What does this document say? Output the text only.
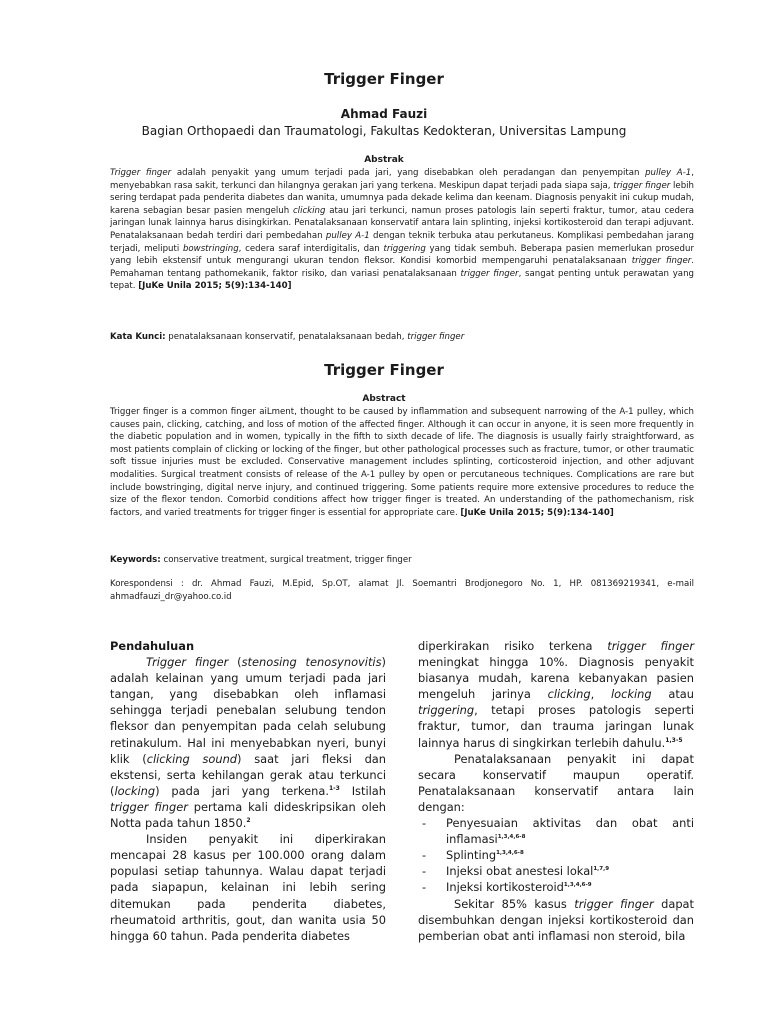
Trigger Finger
Ahmad Fauzi
Bagian Orthopaedi dan Traumatologi, Fakultas Kedokteran, Universitas Lampung
Abstrak
Trigger finger adalah penyakit yang umum terjadi pada jari, yang disebabkan oleh peradangan dan penyempitan pulley A-1, menyebabkan rasa sakit, terkunci dan hilangnya gerakan jari yang terkena. Meskipun dapat terjadi pada siapa saja, trigger finger lebih sering terdapat pada penderita diabetes dan wanita, umumnya pada dekade kelima dan keenam. Diagnosis penyakit ini cukup mudah, karena sebagian besar pasien mengeluh clicking atau jari terkunci, namun proses patologis lain seperti fraktur, tumor, atau cedera jaringan lunak lainnya harus disingkirkan. Penatalaksanaan konservatif antara lain splinting, injeksi kortikosteroid dan terapi adjuvant. Penatalaksanaan bedah terdiri dari pembedahan pulley A-1 dengan teknik terbuka atau perkutaneus. Komplikasi pembedahan jarang terjadi, meliputi bowstringing, cedera saraf interdigitalis, dan triggering yang tidak sembuh. Beberapa pasien memerlukan prosedur yang lebih ekstensif untuk mengurangi ukuran tendon fleksor. Kondisi komorbid mempengaruhi penatalaksanaan trigger finger. Pemahaman tentang pathomekanik, faktor risiko, dan variasi penatalaksanaan trigger finger, sangat penting untuk perawatan yang tepat. [JuKe Unila 2015; 5(9):134-140]
Kata Kunci: penatalaksanaan konservatif, penatalaksanaan bedah, trigger finger
Trigger Finger
Abstract
Trigger finger is a common finger aiLment, thought to be caused by inflammation and subsequent narrowing of the A-1 pulley, which causes pain, clicking, catching, and loss of motion of the affected finger. Although it can occur in anyone, it is seen more frequently in the diabetic population and in women, typically in the fifth to sixth decade of life. The diagnosis is usually fairly straightforward, as most patients complain of clicking or locking of the finger, but other pathological processes such as fracture, tumor, or other traumatic soft tissue injuries must be excluded. Conservative management includes splinting, corticosteroid injection, and other adjuvant modalities. Surgical treatment consists of release of the A-1 pulley by open or percutaneous techniques. Complications are rare but include bowstringing, digital nerve injury, and continued triggering. Some patients require more extensive procedures to reduce the size of the flexor tendon. Comorbid conditions affect how trigger finger is treated. An understanding of the pathomechanism, risk factors, and varied treatments for trigger finger is essential for appropriate care. [JuKe Unila 2015; 5(9):134-140]
Keywords: conservative treatment, surgical treatment, trigger finger
Korespondensi : dr. Ahmad Fauzi, M.Epid, Sp.OT, alamat Jl. Soemantri Brodjonegoro No. 1, HP. 081369219341, e-mail ahmadfauzi_dr@yahoo.co.id

Pendahuluan

Trigger finger (stenosing tenosynovitis) adalah kelainan yang umum terjadi pada jari tangan, yang disebabkan oleh inflamasi sehingga terjadi penebalan selubung tendon fleksor dan penyempitan pada celah selubung retinakulum. Hal ini menyebabkan nyeri, bunyi klik (clicking sound) saat jari fleksi dan ekstensi, serta kehilangan gerak atau terkunci (locking) pada jari yang terkena.$^{1-3}$ Istilah trigger finger pertama kali dideskripsikan oleh Notta pada tahun 1850.$^2$

Insiden penyakit ini diperkirakan mencapai 28 kasus per 100.000 orang dalam populasi setiap tahunnya. Walau dapat terjadi pada siapapun, kelainan ini lebih sering ditemukan pada penderita diabetes, rheumatoid arthritis, gout, dan wanita usia 50 hingga 60 tahun. Pada penderita diabetes

diperkirakan risiko terkena trigger finger meningkat hingga 10%. Diagnosis penyakit biasanya mudah, karena kebanyakan pasien mengeluh jarinya clicking, locking atau triggering, tetapi proses patologis seperti fraktur, tumor, dan trauma jaringan lunak lainnya harus di singkirkan terlebih dahulu.$^{1,3-5}$

Penatalaksanaan penyakit ini dapat secara konservatif maupun operatif. Penatalaksanaan konservatif antara lain dengan:

- Penyesuaian aktivitas dan obat anti inflamasi$^{1,3,4,6-8}$
- Splinting$^{1,3,4,6-8}$
- Injeksi obat anestesi lokal$^{1,7,9}$
- Injeksi kortikosteroid$^{1,3,4,6-9}$

Sekitar 85% kasus trigger finger dapat disembuhkan dengan injeksi kortikosteroid dan pemberian obat anti inflamasi non steroid, bila
